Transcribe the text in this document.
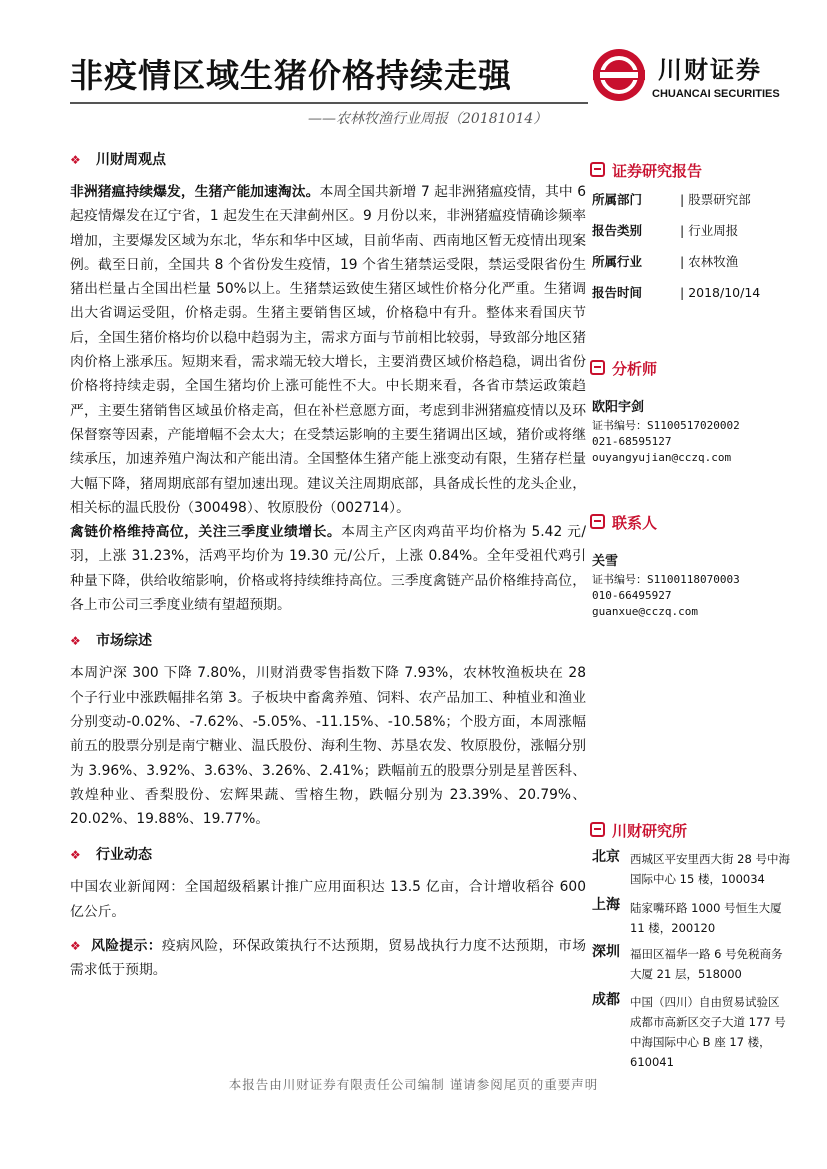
非疫情区域生猪价格持续走强
——农林牧渔行业周报（20181014）
川财证券
CHUANCAI SECURITIES
❖ 川财周观点

非洲猪瘟持续爆发，生猪产能加速淘汰。本周全国共新增 7 起非洲猪瘟疫情，其中 6 起疫情爆发在辽宁省，1 起发生在天津蓟州区。9 月份以来，非洲猪瘟疫情确诊频率增加，主要爆发区域为东北，华东和华中区域，目前华南、西南地区暂无疫情出现案例。截至日前，全国共 8 个省份发生疫情，19 个省生猪禁运受限，禁运受限省份生猪出栏量占全国出栏量 50%以上。生猪禁运致使生猪区域性价格分化严重。生猪调出大省调运受阻，价格走弱。生猪主要销售区域，价格稳中有升。整体来看国庆节后，全国生猪价格均价以稳中趋弱为主，需求方面与节前相比较弱，导致部分地区猪肉价格上涨承压。短期来看，需求端无较大增长，主要消费区域价格趋稳，调出省份价格将持续走弱，全国生猪均价上涨可能性不大。中长期来看，各省市禁运政策趋严，主要生猪销售区域虽价格走高，但在补栏意愿方面，考虑到非洲猪瘟疫情以及环保督察等因素，产能增幅不会太大；在受禁运影响的主要生猪调出区域，猪价或将继续承压，加速养殖户淘汰和产能出清。全国整体生猪产能上涨变动有限，生猪存栏量大幅下降，猪周期底部有望加速出现。建议关注周期底部，具备成长性的龙头企业，相关标的温氏股份（300498）、牧原股份（002714）。

禽链价格维持高位，关注三季度业绩增长。本周主产区肉鸡苗平均价格为 5.42 元/羽，上涨 31.23%，活鸡平均价为 19.30 元/公斤，上涨 0.84%。全年受祖代鸡引种量下降，供给收缩影响，价格或将持续维持高位。三季度禽链产品价格维持高位，各上市公司三季度业绩有望超预期。

❖ 市场综述

本周沪深 300 下降 7.80%，川财消费零售指数下降 7.93%，农林牧渔板块在 28 个子行业中涨跌幅排名第 3。子板块中畜禽养殖、饲料、农产品加工、种植业和渔业分别变动-0.02%、-7.62%、-5.05%、-11.15%、-10.58%；个股方面，本周涨幅前五的股票分别是南宁糖业、温氏股份、海利生物、苏垦农发、牧原股份，涨幅分别为 3.96%、3.92%、3.63%、3.26%、2.41%；跌幅前五的股票分别是星普医科、敦煌种业、香梨股份、宏辉果蔬、雪榕生物，跌幅分别为 23.39%、20.79%、20.02%、19.88%、19.77%。

❖ 行业动态

中国农业新闻网：全国超级稻累计推广应用面积达 13.5 亿亩，合计增收稻谷 600 亿公斤。

❖ 风险提示：疫病风险，环保政策执行不达预期，贸易战执行力度不达预期，市场需求低于预期。
证券研究报告
所属部门	| 股票研究部
报告类别	| 行业周报
所属行业	| 农林牧渔
报告时间	| 2018/10/14
分析师
欧阳宇剑
证书编号：S1100517020002
021-68595127
ouyangyujian@cczq.com
联系人
关雪
证书编号：S1100118070003
010-66495927
guanxue@cczq.com
川财研究所
北京 西城区平安里西大街 28 号中海国际中心 15 楼，100034
上海 陆家嘴环路 1000 号恒生大厦 11 楼，200120
深圳 福田区福华一路 6 号免税商务大厦 21 层，518000
成都 中国（四川）自由贸易试验区成都市高新区交子大道 177 号中海国际中心 B 座 17 楼，610041
本报告由川财证券有限责任公司编制 谨请参阅尾页的重要声明
